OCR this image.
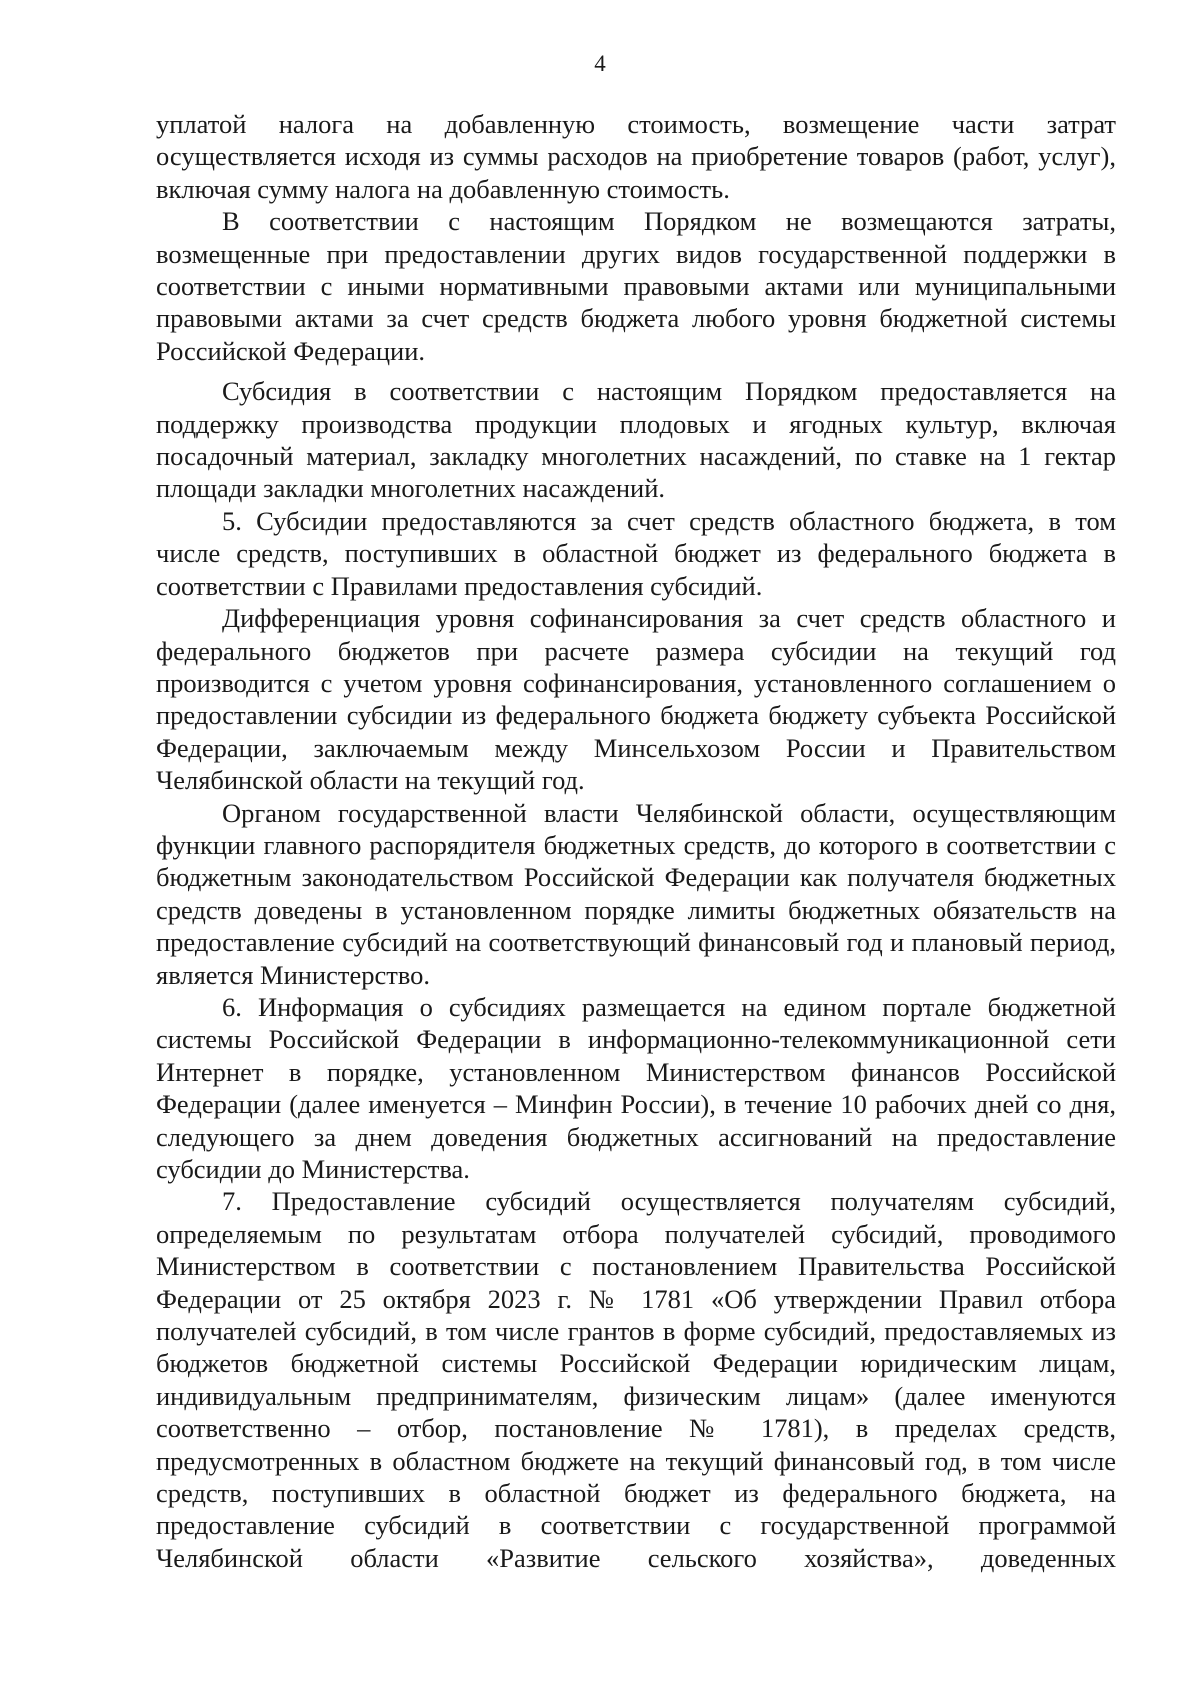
4

уплатой налога на добавленную стоимость, возмещение части затрат осуществляется исходя из суммы расходов на приобретение товаров (работ, услуг), включая сумму налога на добавленную стоимость.

В соответствии с настоящим Порядком не возмещаются затраты, возмещенные при предоставлении других видов государственной поддержки в соответствии с иными нормативными правовыми актами или муниципальными правовыми актами за счет средств бюджета любого уровня бюджетной системы Российской Федерации.

Субсидия в соответствии с настоящим Порядком предоставляется на поддержку производства продукции плодовых и ягодных культур, включая посадочный материал, закладку многолетних насаждений, по ставке на 1 гектар площади закладки многолетних насаждений.

5. Субсидии предоставляются за счет средств областного бюджета, в том числе средств, поступивших в областной бюджет из федерального бюджета в соответствии с Правилами предоставления субсидий.

Дифференциация уровня софинансирования за счет средств областного и федерального бюджетов при расчете размера субсидии на текущий год производится с учетом уровня софинансирования, установленного соглашением о предоставлении субсидии из федерального бюджета бюджету субъекта Российской Федерации, заключаемым между Минсельхозом России и Правительством Челябинской области на текущий год.

Органом государственной власти Челябинской области, осуществляющим функции главного распорядителя бюджетных средств, до которого в соответствии с бюджетным законодательством Российской Федерации как получателя бюджетных средств доведены в установленном порядке лимиты бюджетных обязательств на предоставление субсидий на соответствующий финансовый год и плановый период, является Министерство.

6. Информация о субсидиях размещается на едином портале бюджетной системы Российской Федерации в информационно-телекоммуникационной сети Интернет в порядке, установленном Министерством финансов Российской Федерации (далее именуется – Минфин России), в течение 10 рабочих дней со дня, следующего за днем доведения бюджетных ассигнований на предоставление субсидии до Министерства.

7. Предоставление субсидий осуществляется получателям субсидий, определяемым по результатам отбора получателей субсидий, проводимого Министерством в соответствии с постановлением Правительства Российской Федерации от 25 октября 2023 г. № 1781 «Об утверждении Правил отбора получателей субсидий, в том числе грантов в форме субсидий, предоставляемых из бюджетов бюджетной системы Российской Федерации юридическим лицам, индивидуальным предпринимателям, физическим лицам» (далее именуются соответственно – отбор, постановление № 1781), в пределах средств, предусмотренных в областном бюджете на текущий финансовый год, в том числе средств, поступивших в областной бюджет из федерального бюджета, на предоставление субсидий в соответствии с государственной программой Челябинской области «Развитие сельского хозяйства», доведенных
